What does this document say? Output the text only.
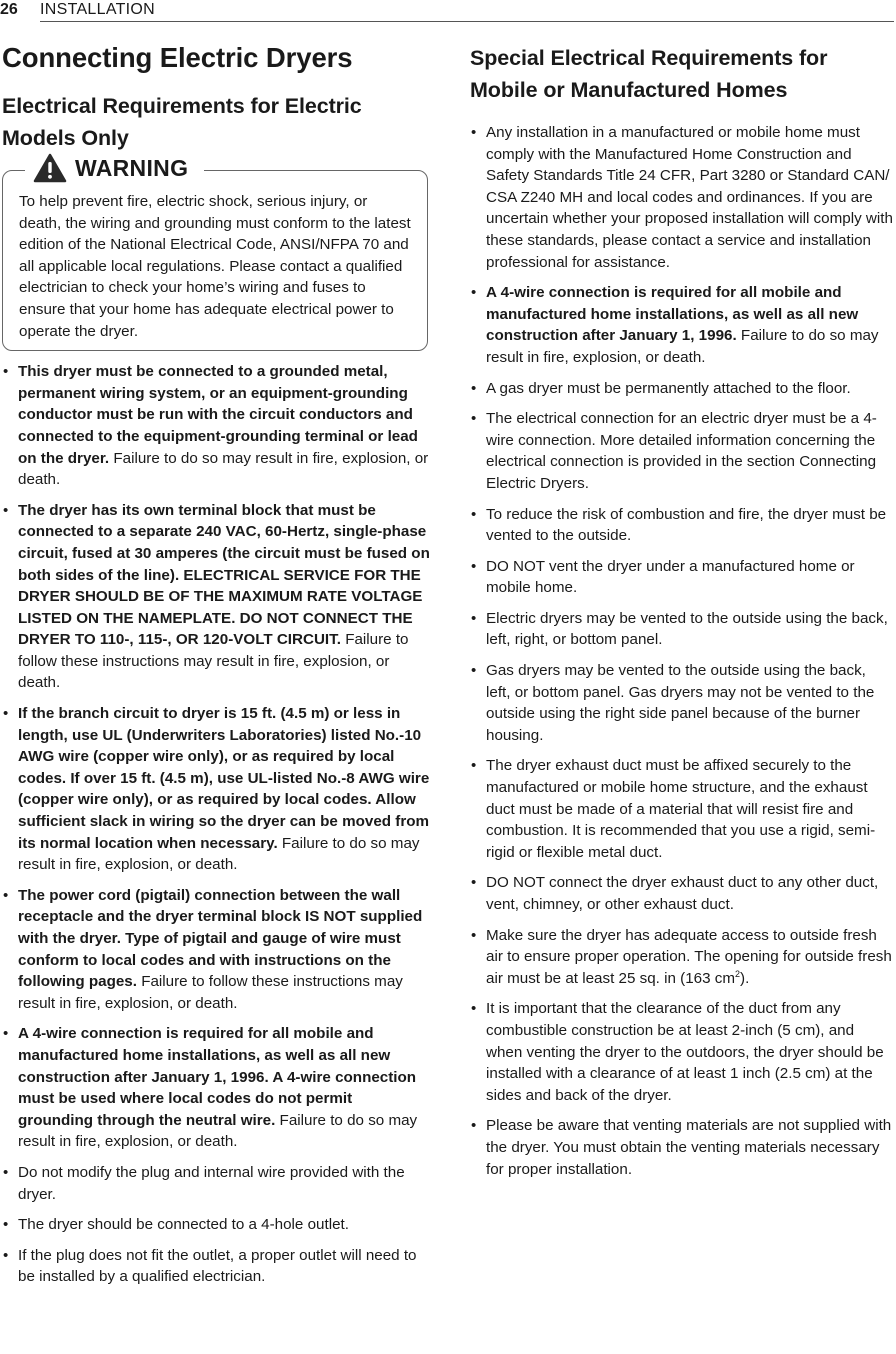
26 INSTALLATION
Connecting Electric Dryers
Electrical Requirements for Electric Models Only
WARNING

To help prevent fire, electric shock, serious injury, or death, the wiring and grounding must conform to the latest edition of the National Electrical Code, ANSI/NFPA 70 and all applicable local regulations. Please contact a qualified electrician to check your home’s wiring and fuses to ensure that your home has adequate electrical power to operate the dryer.

• This dryer must be connected to a grounded metal, permanent wiring system, or an equipment-grounding conductor must be run with the circuit conductors and connected to the equipment-grounding terminal or lead on the dryer. Failure to do so may result in fire, explosion, or death.
• The dryer has its own terminal block that must be connected to a separate 240 VAC, 60-Hertz, single-phase circuit, fused at 30 amperes (the circuit must be fused on both sides of the line). ELECTRICAL SERVICE FOR THE DRYER SHOULD BE OF THE MAXIMUM RATE VOLTAGE LISTED ON THE NAMEPLATE. DO NOT CONNECT THE DRYER TO 110-, 115-, OR 120-VOLT CIRCUIT. Failure to follow these instructions may result in fire, explosion, or death.
• If the branch circuit to dryer is 15 ft. (4.5 m) or less in length, use UL (Underwriters Laboratories) listed No.-10 AWG wire (copper wire only), or as required by local codes. If over 15 ft. (4.5 m), use UL-listed No.-8 AWG wire (copper wire only), or as required by local codes. Allow sufficient slack in wiring so the dryer can be moved from its normal location when necessary. Failure to do so may result in fire, explosion, or death.
• The power cord (pigtail) connection between the wall receptacle and the dryer terminal block IS NOT supplied with the dryer. Type of pigtail and gauge of wire must conform to local codes and with instructions on the following pages. Failure to follow these instructions may result in fire, explosion, or death.
• A 4-wire connection is required for all mobile and manufactured home installations, as well as all new construction after January 1, 1996. A 4-wire connection must be used where local codes do not permit grounding through the neutral wire. Failure to do so may result in fire, explosion, or death.
• Do not modify the plug and internal wire provided with the dryer.
• The dryer should be connected to a 4-hole outlet.
• If the plug does not fit the outlet, a proper outlet will need to be installed by a qualified electrician.
Special Electrical Requirements for Mobile or Manufactured Homes
• Any installation in a manufactured or mobile home must comply with the Manufactured Home Construction and Safety Standards Title 24 CFR, Part 3280 or Standard CAN/ CSA Z240 MH and local codes and ordinances. If you are uncertain whether your proposed installation will comply with these standards, please contact a service and installation professional for assistance.
• A 4-wire connection is required for all mobile and manufactured home installations, as well as all new construction after January 1, 1996. Failure to do so may result in fire, explosion, or death.
• A gas dryer must be permanently attached to the floor.
• The electrical connection for an electric dryer must be a 4-wire connection. More detailed information concerning the electrical connection is provided in the section Connecting Electric Dryers.
• To reduce the risk of combustion and fire, the dryer must be vented to the outside.
• DO NOT vent the dryer under a manufactured home or mobile home.
• Electric dryers may be vented to the outside using the back, left, right, or bottom panel.
• Gas dryers may be vented to the outside using the back, left, or bottom panel. Gas dryers may not be vented to the outside using the right side panel because of the burner housing.
• The dryer exhaust duct must be affixed securely to the manufactured or mobile home structure, and the exhaust duct must be made of a material that will resist fire and combustion. It is recommended that you use a rigid, semi-rigid or flexible metal duct.
• DO NOT connect the dryer exhaust duct to any other duct, vent, chimney, or other exhaust duct.
• Make sure the dryer has adequate access to outside fresh air to ensure proper operation. The opening for outside fresh air must be at least 25 sq. in (163 $cm^2$).
• It is important that the clearance of the duct from any combustible construction be at least 2-inch (5 cm), and when venting the dryer to the outdoors, the dryer should be installed with a clearance of at least 1 inch (2.5 cm) at the sides and back of the dryer.
• Please be aware that venting materials are not supplied with the dryer. You must obtain the venting materials necessary for proper installation.
